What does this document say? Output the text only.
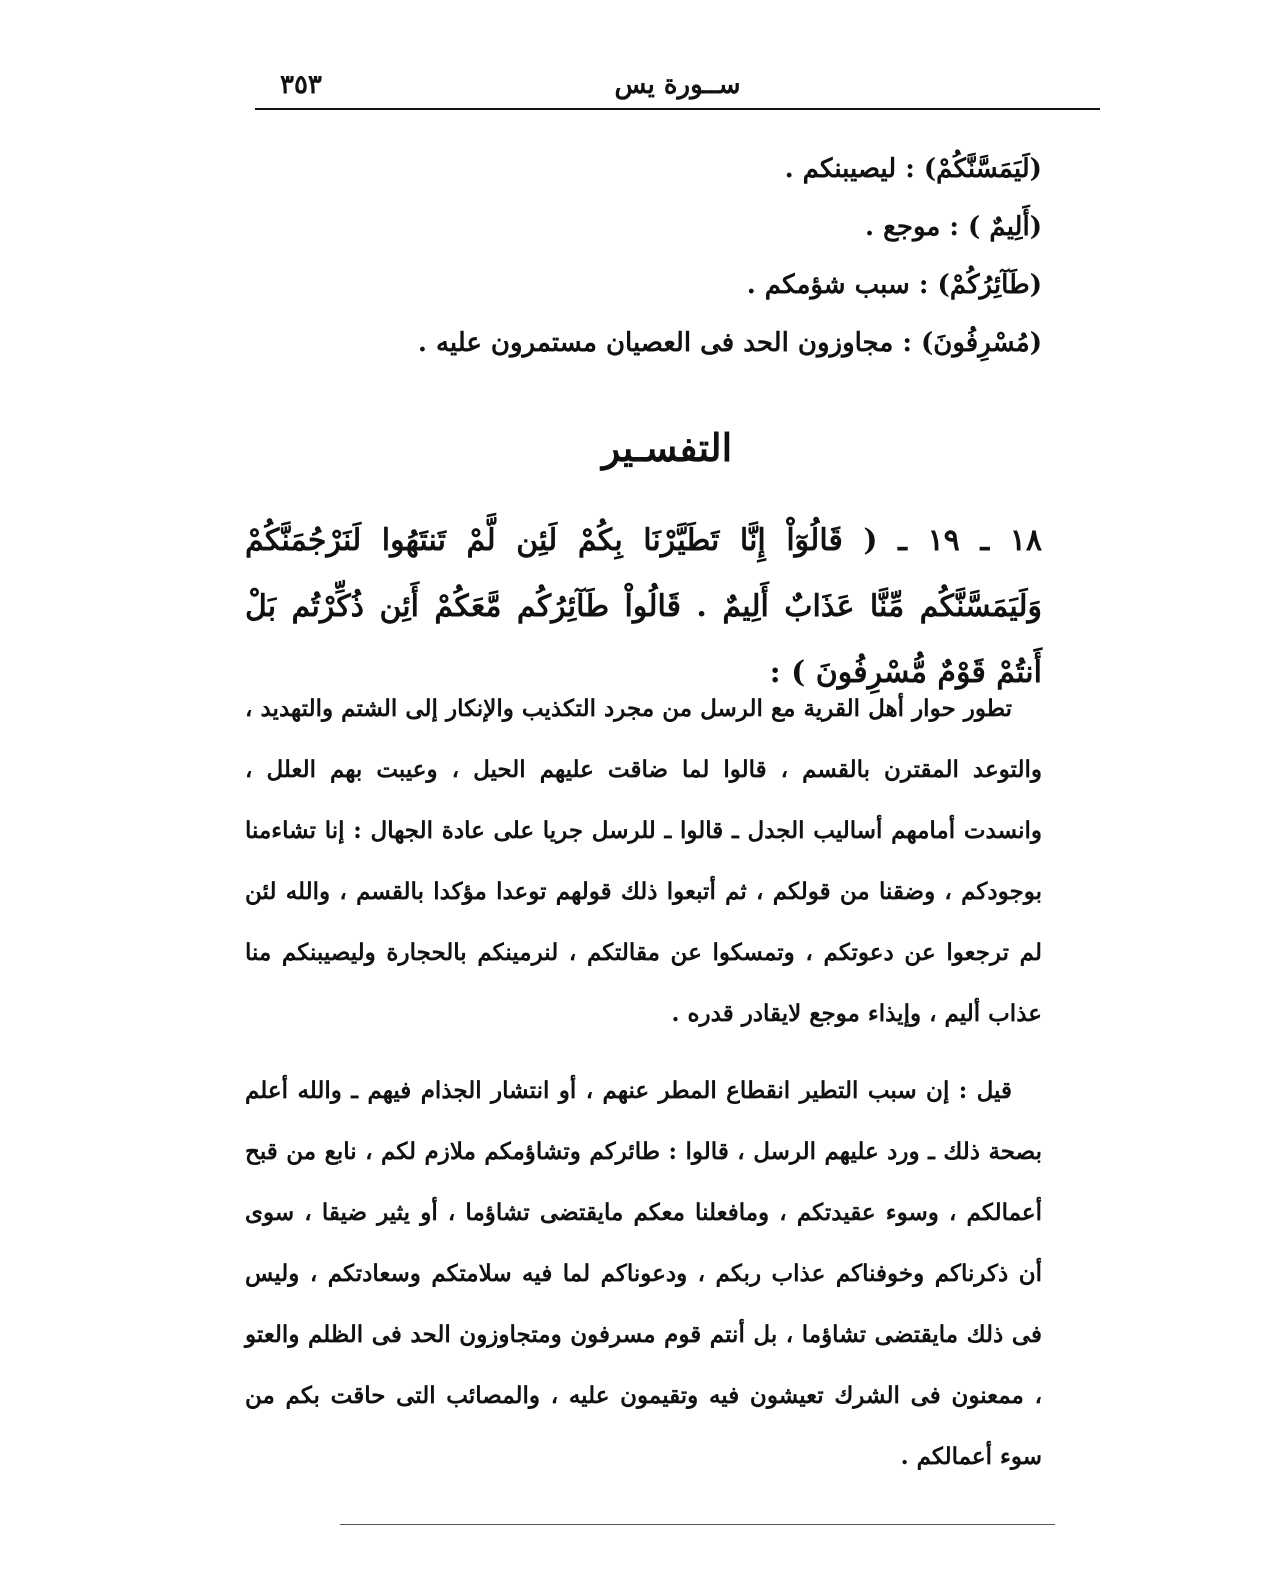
٣٥٣	ســورة يس
(لَيَمَسَّنَّكُمْ) : ليصيبنكم .
(أَلِيمٌ ) : موجع .
(طَآئِرُكُمْ) : سبب شؤمكم .
(مُسْرِفُونَ) : مجاوزون الحد فى العصيان مستمرون عليه .
التفسـير
١٨ ـ ١٩ ـ ( قَالُوٓاْ إِنَّا تَطَيَّرْنَا بِكُمْ لَئِن لَّمْ تَنتَهُوا لَنَرْجُمَنَّكُمْ وَلَيَمَسَّنَّكُم مِّنَّا عَذَابٌ أَلِيمٌ . قَالُواْ طَآئِرُكُم مَّعَكُمْ أَئِن ذُكِّرْتُم بَلْ أَنتُمْ قَوْمٌ مُّسْرِفُونَ ) :

تطور حوار أهل القرية مع الرسل من مجرد التكذيب والإنكار إلى الشتم والتهديد ، والتوعد المقترن بالقسم ، قالوا لما ضاقت عليهم الحيل ، وعيبت بهم العلل ، وانسدت أمامهم أساليب الجدل ـ قالوا ـ للرسل جريا على عادة الجهال : إنا تشاءمنا بوجودكم ، وضقنا من قولكم ، ثم أتبعوا ذلك قولهم توعدا مؤكدا بالقسم ، والله لئن لم ترجعوا عن دعوتكم ، وتمسكوا عن مقالتكم ، لنرمينكم بالحجارة وليصيبنكم منا عذاب أليم ، وإيذاء موجع لايقادر قدره .

قيل : إن سبب التطير انقطاع المطر عنهم ، أو انتشار الجذام فيهم ـ والله أعلم بصحة ذلك ـ ورد عليهم الرسل ، قالوا : طائركم وتشاؤمكم ملازم لكم ، نابع من قبح أعمالكم ، وسوء عقيدتكم ، ومافعلنا معكم مايقتضى تشاؤما ، أو يثير ضيقا ، سوى أن ذكرناكم وخوفناكم عذاب ربكم ، ودعوناكم لما فيه سلامتكم وسعادتكم ، وليس فى ذلك مايقتضى تشاؤما ، بل أنتم قوم مسرفون ومتجاوزون الحد فى الظلم والعتو ، ممعنون فى الشرك تعيشون فيه وتقيمون عليه ، والمصائب التى حاقت بكم من سوء أعمالكم .
